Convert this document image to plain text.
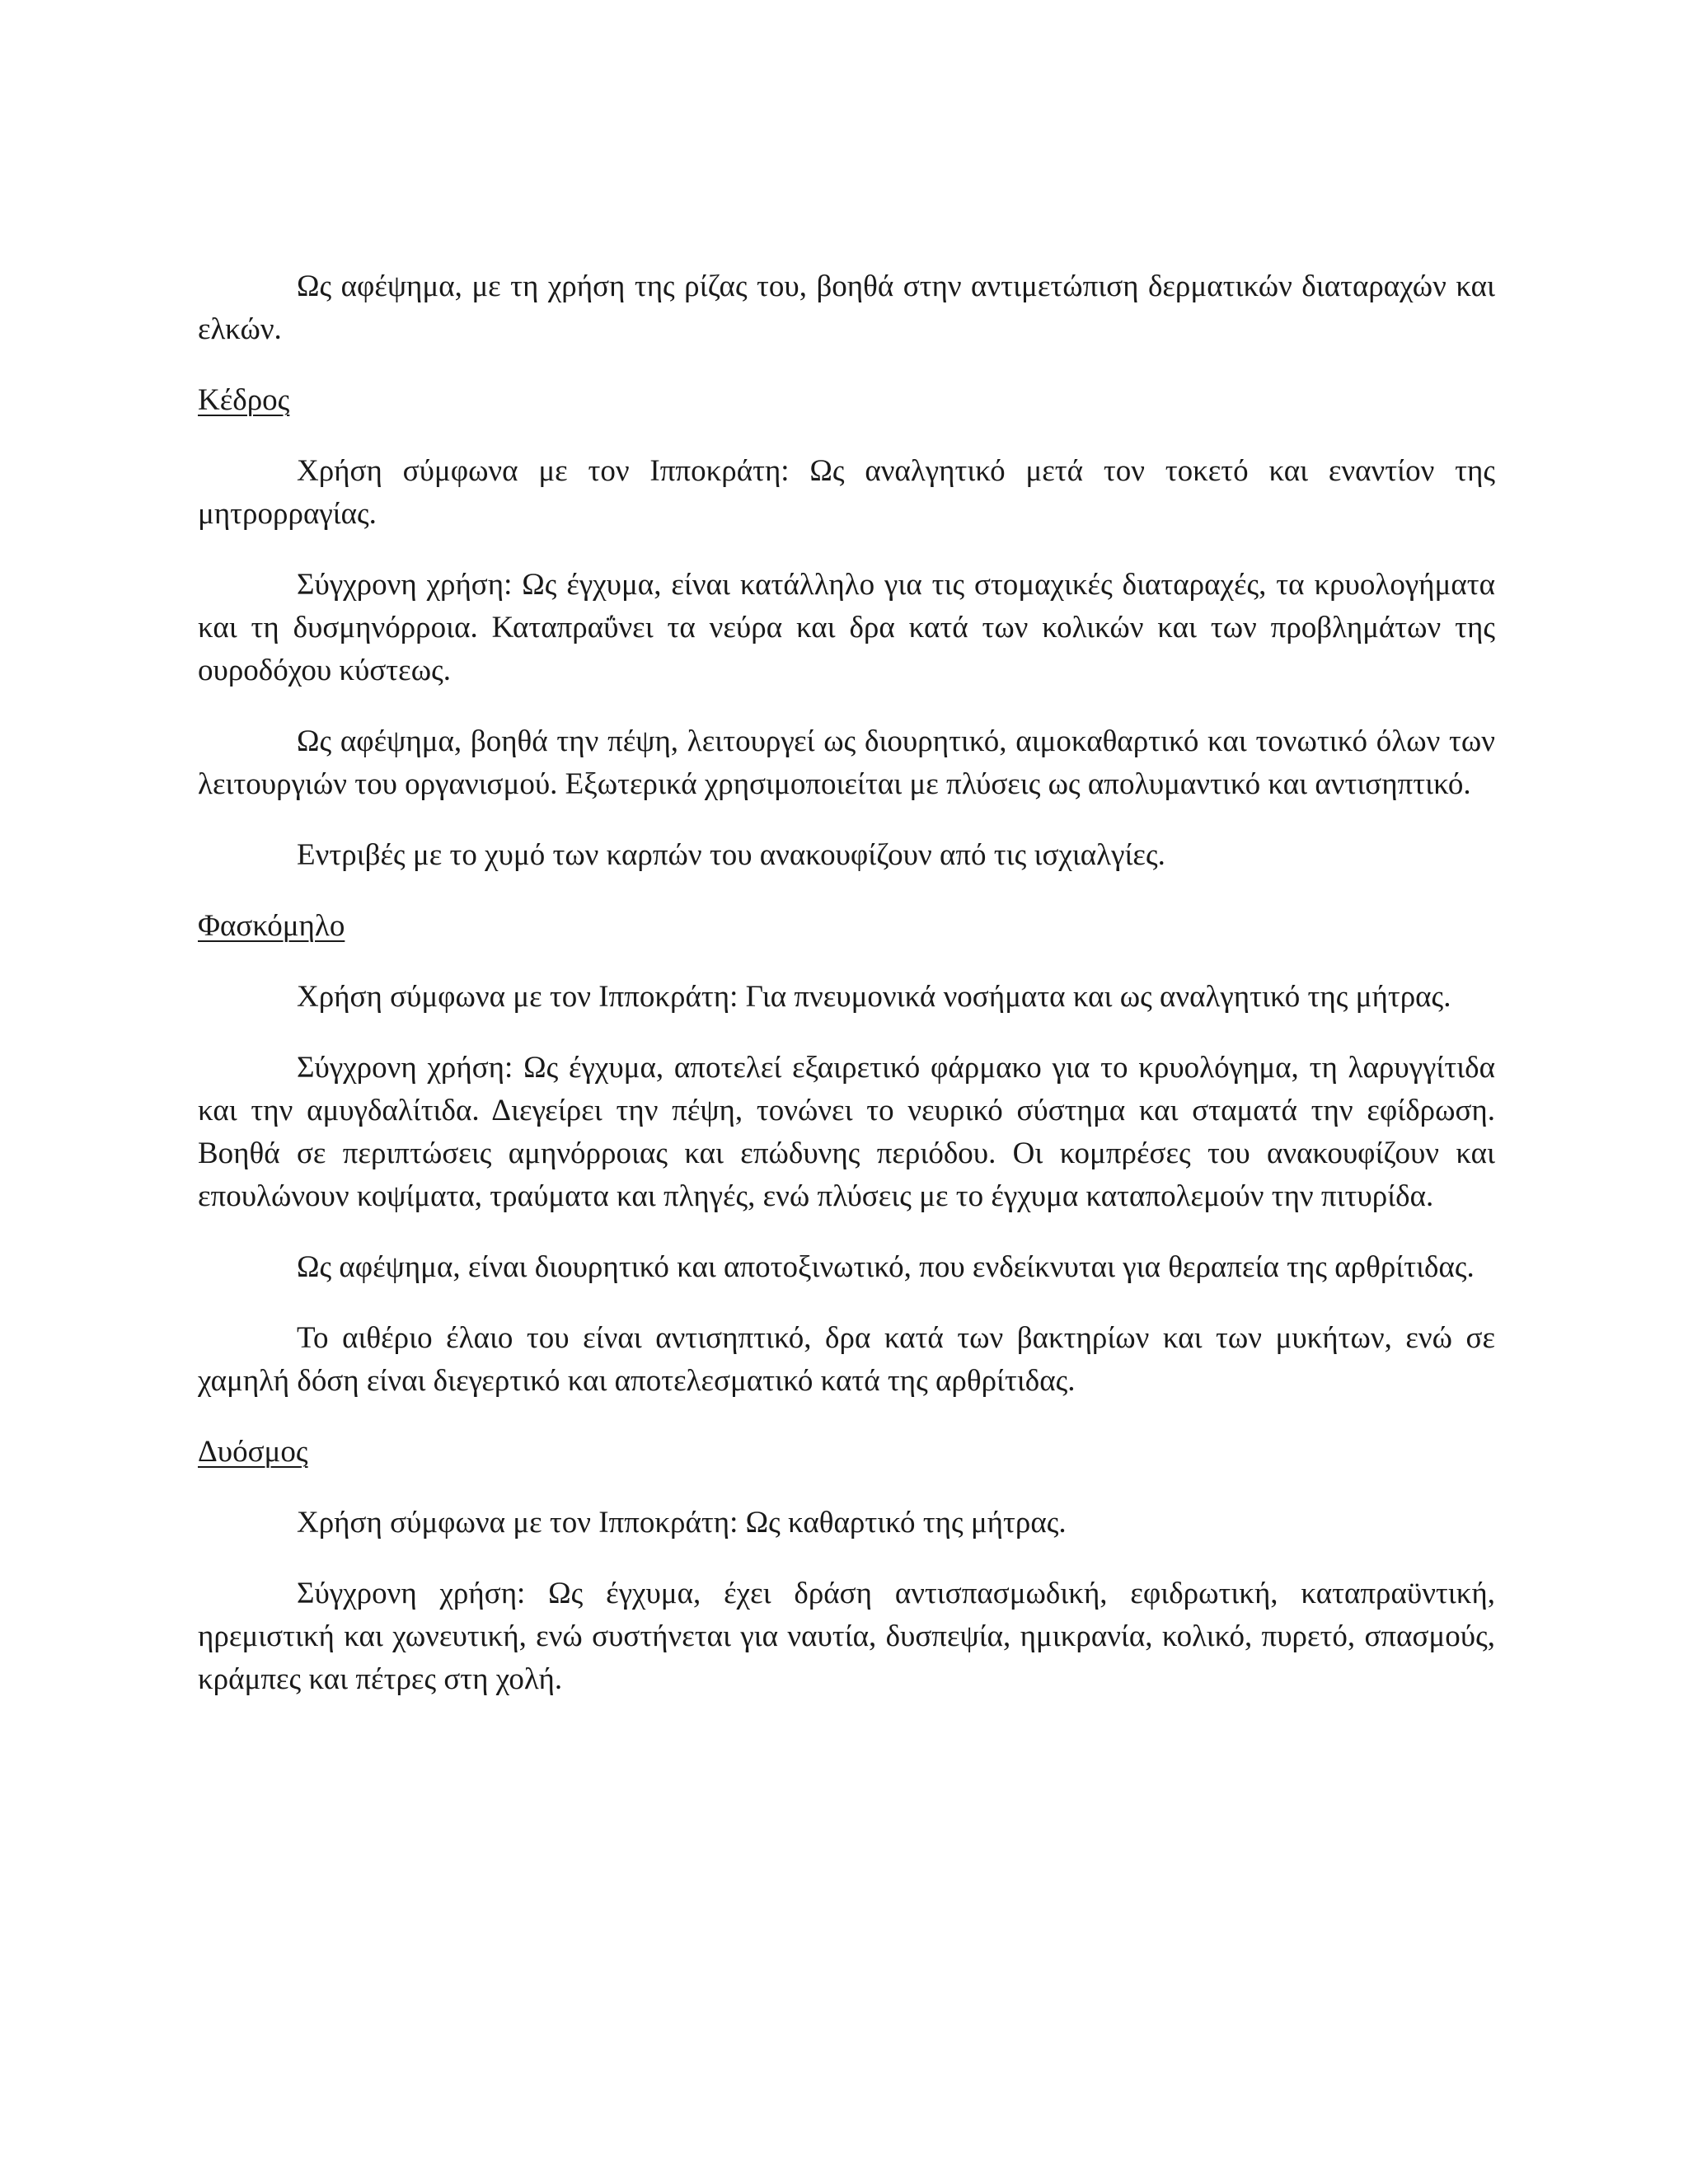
Ως αφέψημα, με τη χρήση της ρίζας του, βοηθά στην αντιμετώπιση δερματικών διαταραχών και ελκών.

Κέδρος

Χρήση σύμφωνα με τον Ιπποκράτη: Ως αναλγητικό μετά τον τοκετό και εναντίον της μητρορραγίας.

Σύγχρονη χρήση: Ως έγχυμα, είναι κατάλληλο για τις στομαχικές διαταραχές, τα κρυολογήματα και τη δυσμηνόρροια. Καταπραΰνει τα νεύρα και δρα κατά των κολικών και των προβλημάτων της ουροδόχου κύστεως.

Ως αφέψημα, βοηθά την πέψη, λειτουργεί ως διουρητικό, αιμοκαθαρτικό και τονωτικό όλων των λειτουργιών του οργανισμού. Εξωτερικά χρησιμοποιείται με πλύσεις ως απολυμαντικό και αντισηπτικό.

Εντριβές με το χυμό των καρπών του ανακουφίζουν από τις ισχιαλγίες.

Φασκόμηλο

Χρήση σύμφωνα με τον Ιπποκράτη: Για πνευμονικά νοσήματα και ως αναλγητικό της μήτρας.

Σύγχρονη χρήση: Ως έγχυμα, αποτελεί εξαιρετικό φάρμακο για το κρυολόγημα, τη λαρυγγίτιδα και την αμυγδαλίτιδα. Διεγείρει την πέψη, τονώνει το νευρικό σύστημα και σταματά την εφίδρωση. Βοηθά σε περιπτώσεις αμηνόρροιας και επώδυνης περιόδου. Οι κομπρέσες του ανακουφίζουν και επουλώνουν κοψίματα, τραύματα και πληγές, ενώ πλύσεις με το έγχυμα καταπολεμούν την πιτυρίδα.

Ως αφέψημα, είναι διουρητικό και αποτοξινωτικό, που ενδείκνυται για θεραπεία της αρθρίτιδας.

Το αιθέριο έλαιο του είναι αντισηπτικό, δρα κατά των βακτηρίων και των μυκήτων, ενώ σε χαμηλή δόση είναι διεγερτικό και αποτελεσματικό κατά της αρθρίτιδας.

Δυόσμος

Χρήση σύμφωνα με τον Ιπποκράτη: Ως καθαρτικό της μήτρας.

Σύγχρονη χρήση: Ως έγχυμα, έχει δράση αντισπασμωδική, εφιδρωτική, καταπραϋντική, ηρεμιστική και χωνευτική, ενώ συστήνεται για ναυτία, δυσπεψία, ημικρανία, κολικό, πυρετό, σπασμούς, κράμπες και πέτρες στη χολή.
